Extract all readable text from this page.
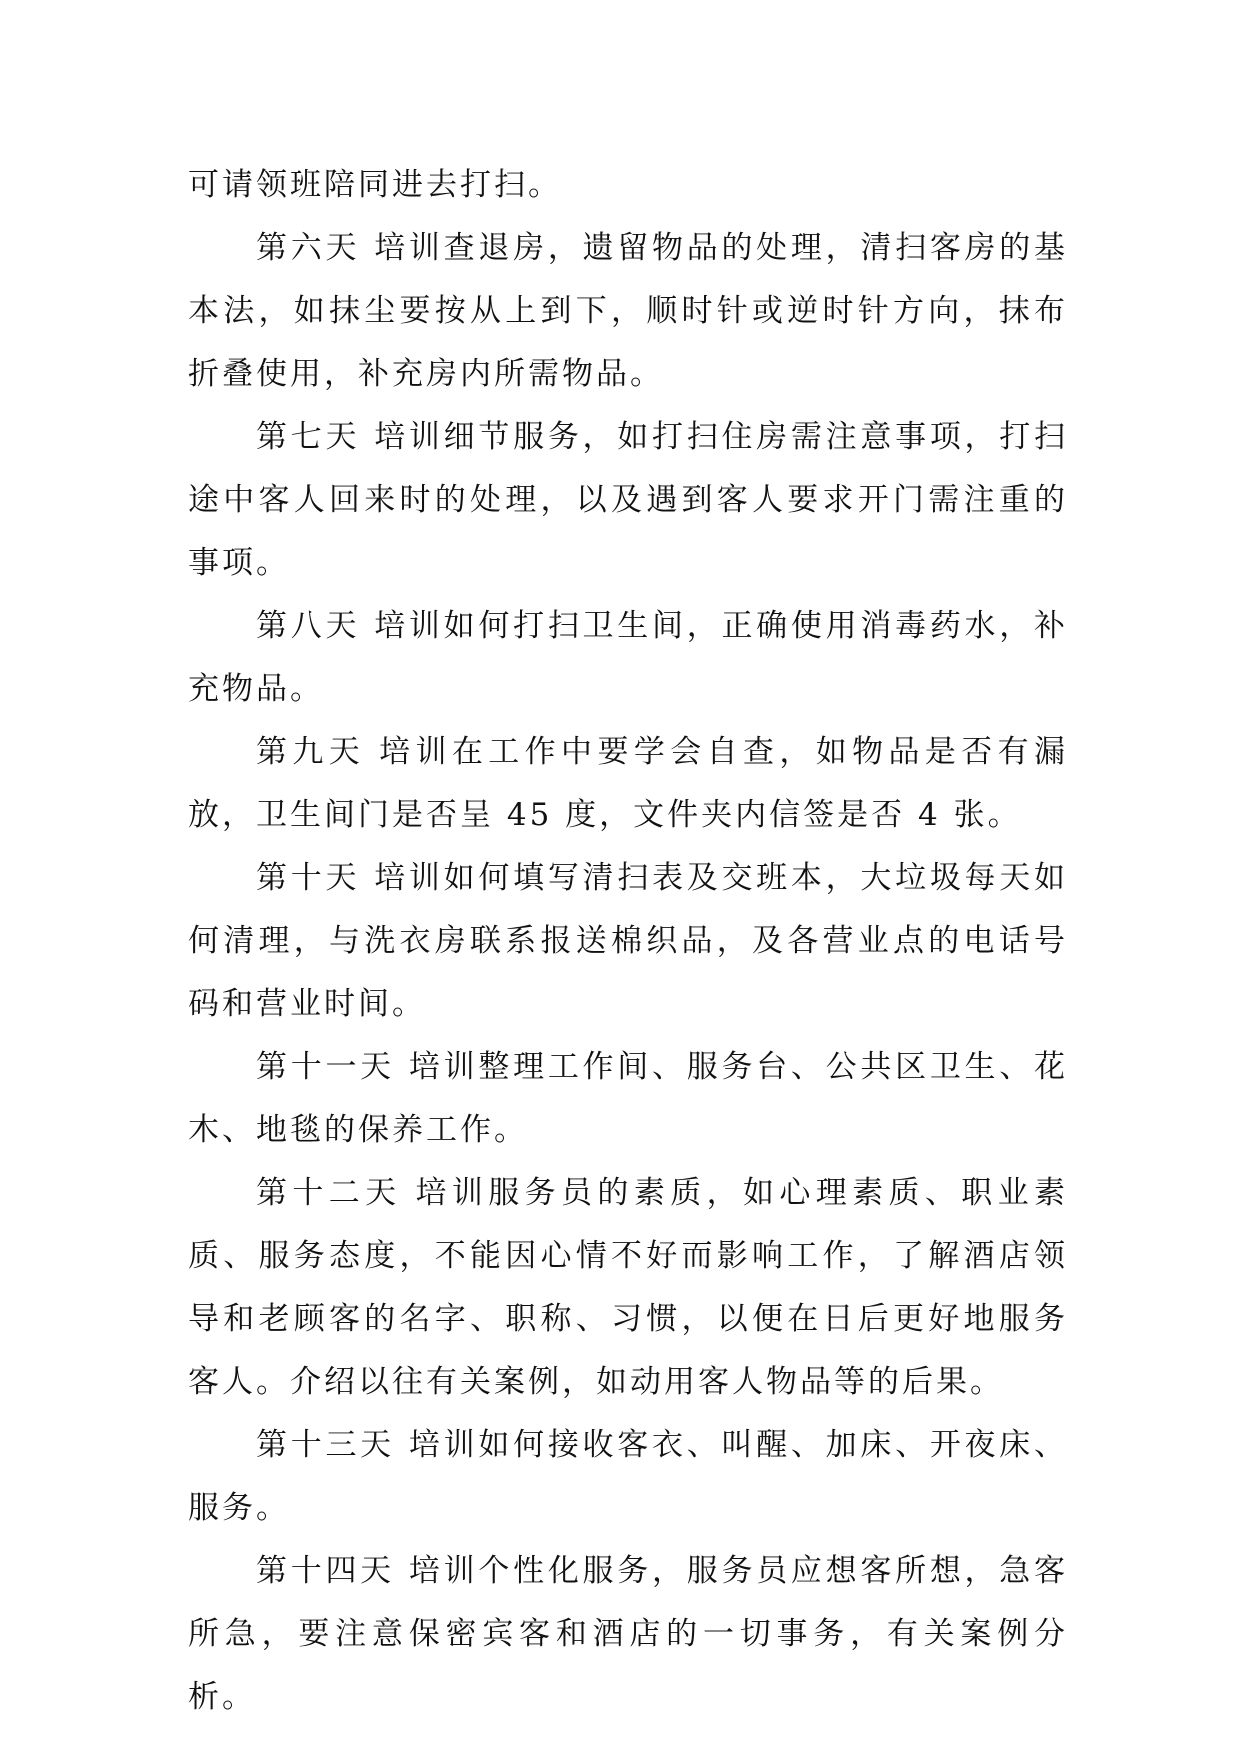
可请领班陪同进去打扫。

第六天 培训查退房，遗留物品的处理，清扫客房的基本法，如抹尘要按从上到下，顺时针或逆时针方向，抹布折叠使用，补充房内所需物品。

第七天 培训细节服务，如打扫住房需注意事项，打扫途中客人回来时的处理，以及遇到客人要求开门需注重的事项。

第八天 培训如何打扫卫生间，正确使用消毒药水，补充物品。

第九天 培训在工作中要学会自查，如物品是否有漏放，卫生间门是否呈 45 度，文件夹内信签是否 4 张。

第十天 培训如何填写清扫表及交班本，大垃圾每天如何清理，与洗衣房联系报送棉织品，及各营业点的电话号码和营业时间。

第十一天 培训整理工作间、服务台、公共区卫生、花木、地毯的保养工作。

第十二天 培训服务员的素质，如心理素质、职业素质、服务态度，不能因心情不好而影响工作，了解酒店领导和老顾客的名字、职称、习惯，以便在日后更好地服务客人。介绍以往有关案例，如动用客人物品等的后果。

第十三天 培训如何接收客衣、叫醒、加床、开夜床、服务。

第十四天 培训个性化服务，服务员应想客所想，急客所急，要注意保密宾客和酒店的一切事务，有关案例分析。
